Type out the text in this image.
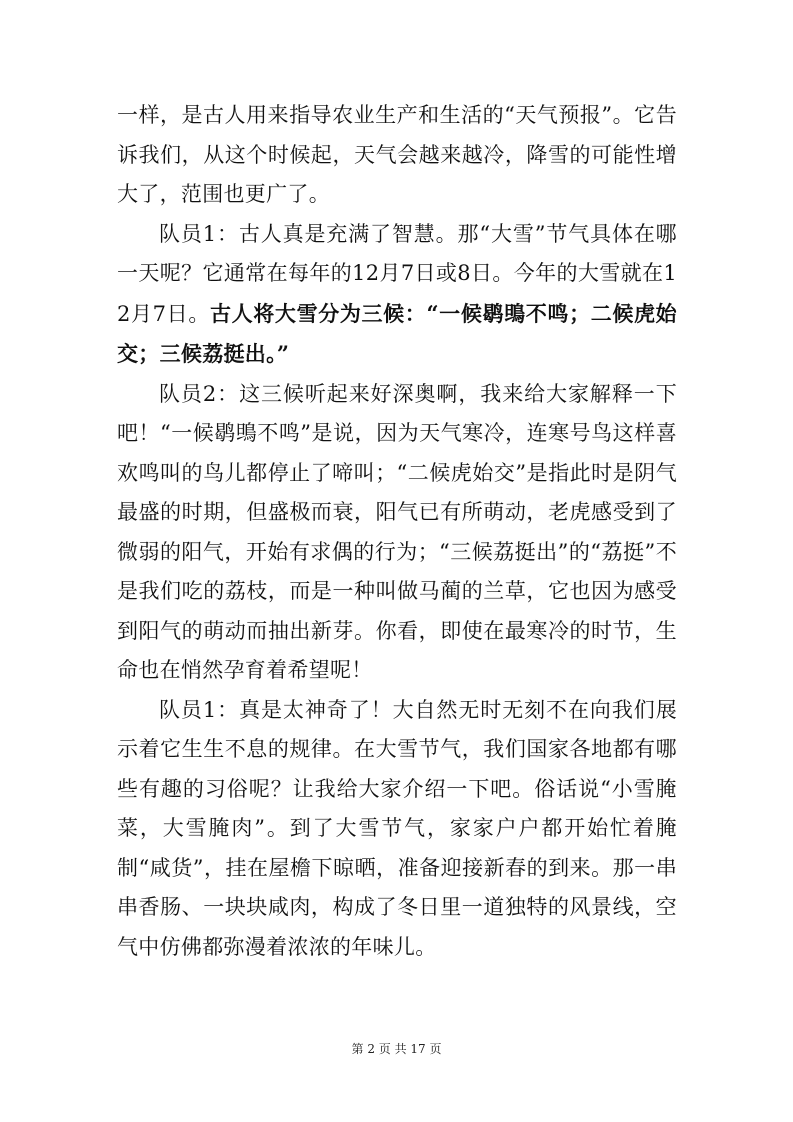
一样，是古人用来指导农业生产和生活的“天气预报”。它告诉我们，从这个时候起，天气会越来越冷，降雪的可能性增大了，范围也更广了。

队员1：古人真是充满了智慧。那“大雪”节气具体在哪一天呢？它通常在每年的12月7日或8日。今年的大雪就在12月7日。古人将大雪分为三候：“一候鹖鴠不鸣；二候虎始交；三候荔挺出。”

队员2：这三候听起来好深奥啊，我来给大家解释一下吧！“一候鹖鴠不鸣”是说，因为天气寒冷，连寒号鸟这样喜欢鸣叫的鸟儿都停止了啼叫；“二候虎始交”是指此时是阴气最盛的时期，但盛极而衰，阳气已有所萌动，老虎感受到了微弱的阳气，开始有求偶的行为；“三候荔挺出”的“荔挺”不是我们吃的荔枝，而是一种叫做马蔺的兰草，它也因为感受到阳气的萌动而抽出新芽。你看，即使在最寒冷的时节，生命也在悄然孕育着希望呢！

队员1：真是太神奇了！大自然无时无刻不在向我们展示着它生生不息的规律。在大雪节气，我们国家各地都有哪些有趣的习俗呢？让我给大家介绍一下吧。俗话说“小雪腌菜，大雪腌肉”。到了大雪节气，家家户户都开始忙着腌制“咸货”，挂在屋檐下晾晒，准备迎接新春的到来。那一串串香肠、一块块咸肉，构成了冬日里一道独特的风景线，空气中仿佛都弥漫着浓浓的年味儿。

第 2 页 共 17 页
